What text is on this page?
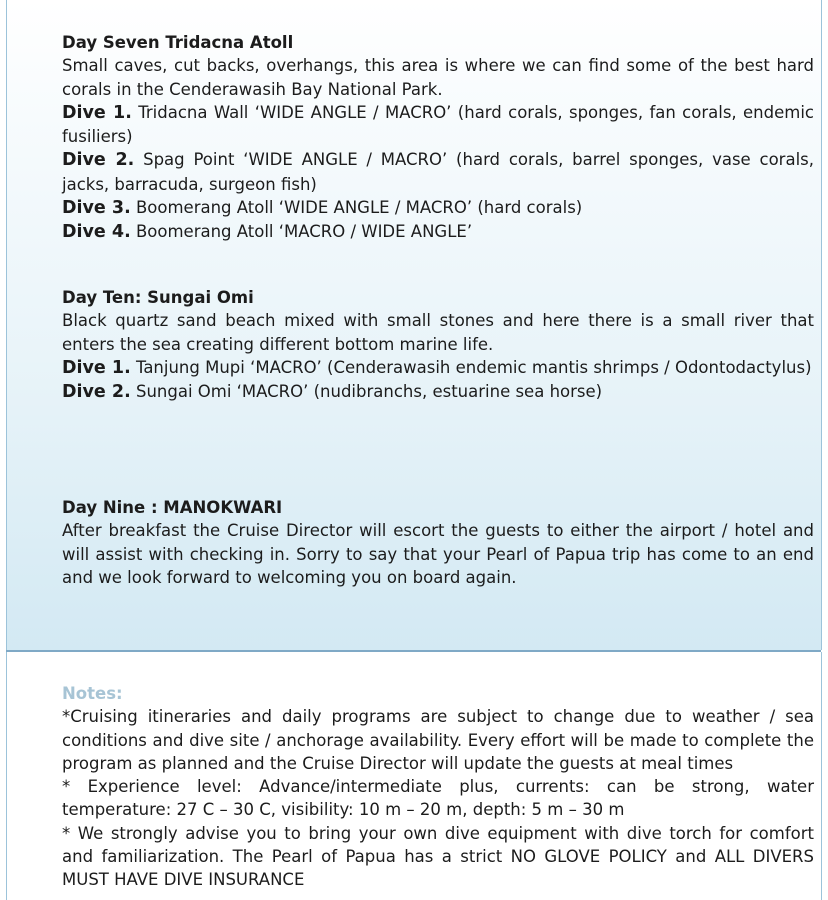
Day Seven Tridacna Atoll

Small caves, cut backs, overhangs, this area is where we can find some of the best hard corals in the Cenderawasih Bay National Park.

Dive 1. Tridacna Wall ‘WIDE ANGLE / MACRO’ (hard corals, sponges, fan corals, endemic fusiliers)

Dive 2. Spag Point ‘WIDE ANGLE / MACRO’ (hard corals, barrel sponges, vase corals, jacks, barracuda, surgeon fish)

Dive 3. Boomerang Atoll ‘WIDE ANGLE / MACRO’ (hard corals)

Dive 4. Boomerang Atoll ‘MACRO / WIDE ANGLE’

Day Ten: Sungai Omi

Black quartz sand beach mixed with small stones and here there is a small river that enters the sea creating different bottom marine life.

Dive 1. Tanjung Mupi ‘MACRO’ (Cenderawasih endemic mantis shrimps / Odontodactylus)

Dive 2. Sungai Omi ‘MACRO’ (nudibranchs, estuarine sea horse)

Day Nine : MANOKWARI

After breakfast the Cruise Director will escort the guests to either the airport / hotel and will assist with checking in. Sorry to say that your Pearl of Papua trip has come to an end and we look forward to welcoming you on board again.

Notes:

*Cruising itineraries and daily programs are subject to change due to weather / sea conditions and dive site / anchorage availability. Every effort will be made to complete the program as planned and the Cruise Director will update the guests at meal times

* Experience level: Advance/intermediate plus, currents: can be strong, water temperature: 27 C – 30 C, visibility: 10 m – 20 m, depth: 5 m – 30 m

* We strongly advise you to bring your own dive equipment with dive torch for comfort and familiarization. The Pearl of Papua has a strict NO GLOVE POLICY and ALL DIVERS MUST HAVE DIVE INSURANCE
